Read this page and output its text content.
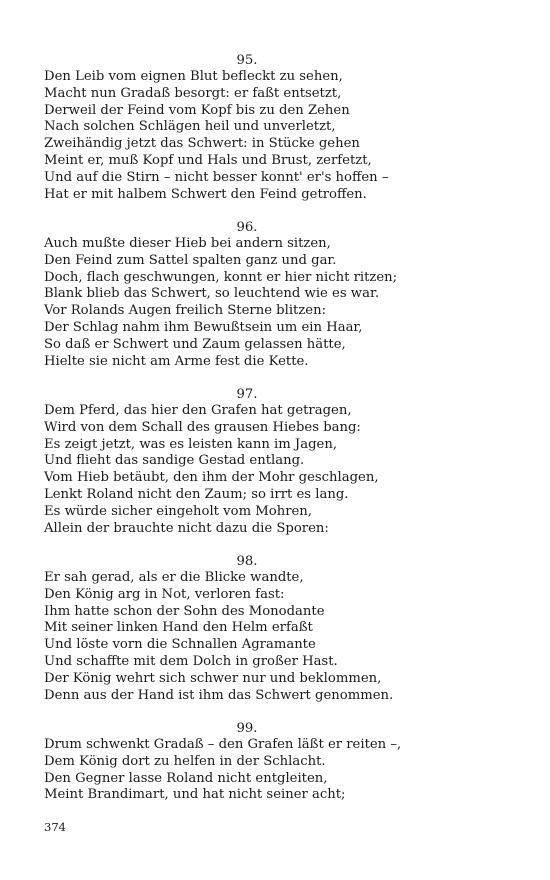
95.
Den Leib vom eignen Blut befleckt zu sehen,
Macht nun Gradaß besorgt: er faßt entsetzt,
Derweil der Feind vom Kopf bis zu den Zehen
Nach solchen Schlägen heil und unverletzt,
Zweihändig jetzt das Schwert: in Stücke gehen
Meint er, muß Kopf und Hals und Brust, zerfetzt,
Und auf die Stirn – nicht besser konnt' er's hoffen –
Hat er mit halbem Schwert den Feind getroffen.
96.
Auch mußte dieser Hieb bei andern sitzen,
Den Feind zum Sattel spalten ganz und gar.
Doch, flach geschwungen, konnt er hier nicht ritzen;
Blank blieb das Schwert, so leuchtend wie es war.
Vor Rolands Augen freilich Sterne blitzen:
Der Schlag nahm ihm Bewußtsein um ein Haar,
So daß er Schwert und Zaum gelassen hätte,
Hielte sie nicht am Arme fest die Kette.
97.
Dem Pferd, das hier den Grafen hat getragen,
Wird von dem Schall des grausen Hiebes bang:
Es zeigt jetzt, was es leisten kann im Jagen,
Und flieht das sandige Gestad entlang.
Vom Hieb betäubt, den ihm der Mohr geschlagen,
Lenkt Roland nicht den Zaum; so irrt es lang.
Es würde sicher eingeholt vom Mohren,
Allein der brauchte nicht dazu die Sporen:
98.
Er sah gerad, als er die Blicke wandte,
Den König arg in Not, verloren fast:
Ihm hatte schon der Sohn des Monodante
Mit seiner linken Hand den Helm erfaßt
Und löste vorn die Schnallen Agramante
Und schaffte mit dem Dolch in großer Hast.
Der König wehrt sich schwer nur und beklommen,
Denn aus der Hand ist ihm das Schwert genommen.
99.
Drum schwenkt Gradaß – den Grafen läßt er reiten –,
Dem König dort zu helfen in der Schlacht.
Den Gegner lasse Roland nicht entgleiten,
Meint Brandimart, und hat nicht seiner acht;
374
